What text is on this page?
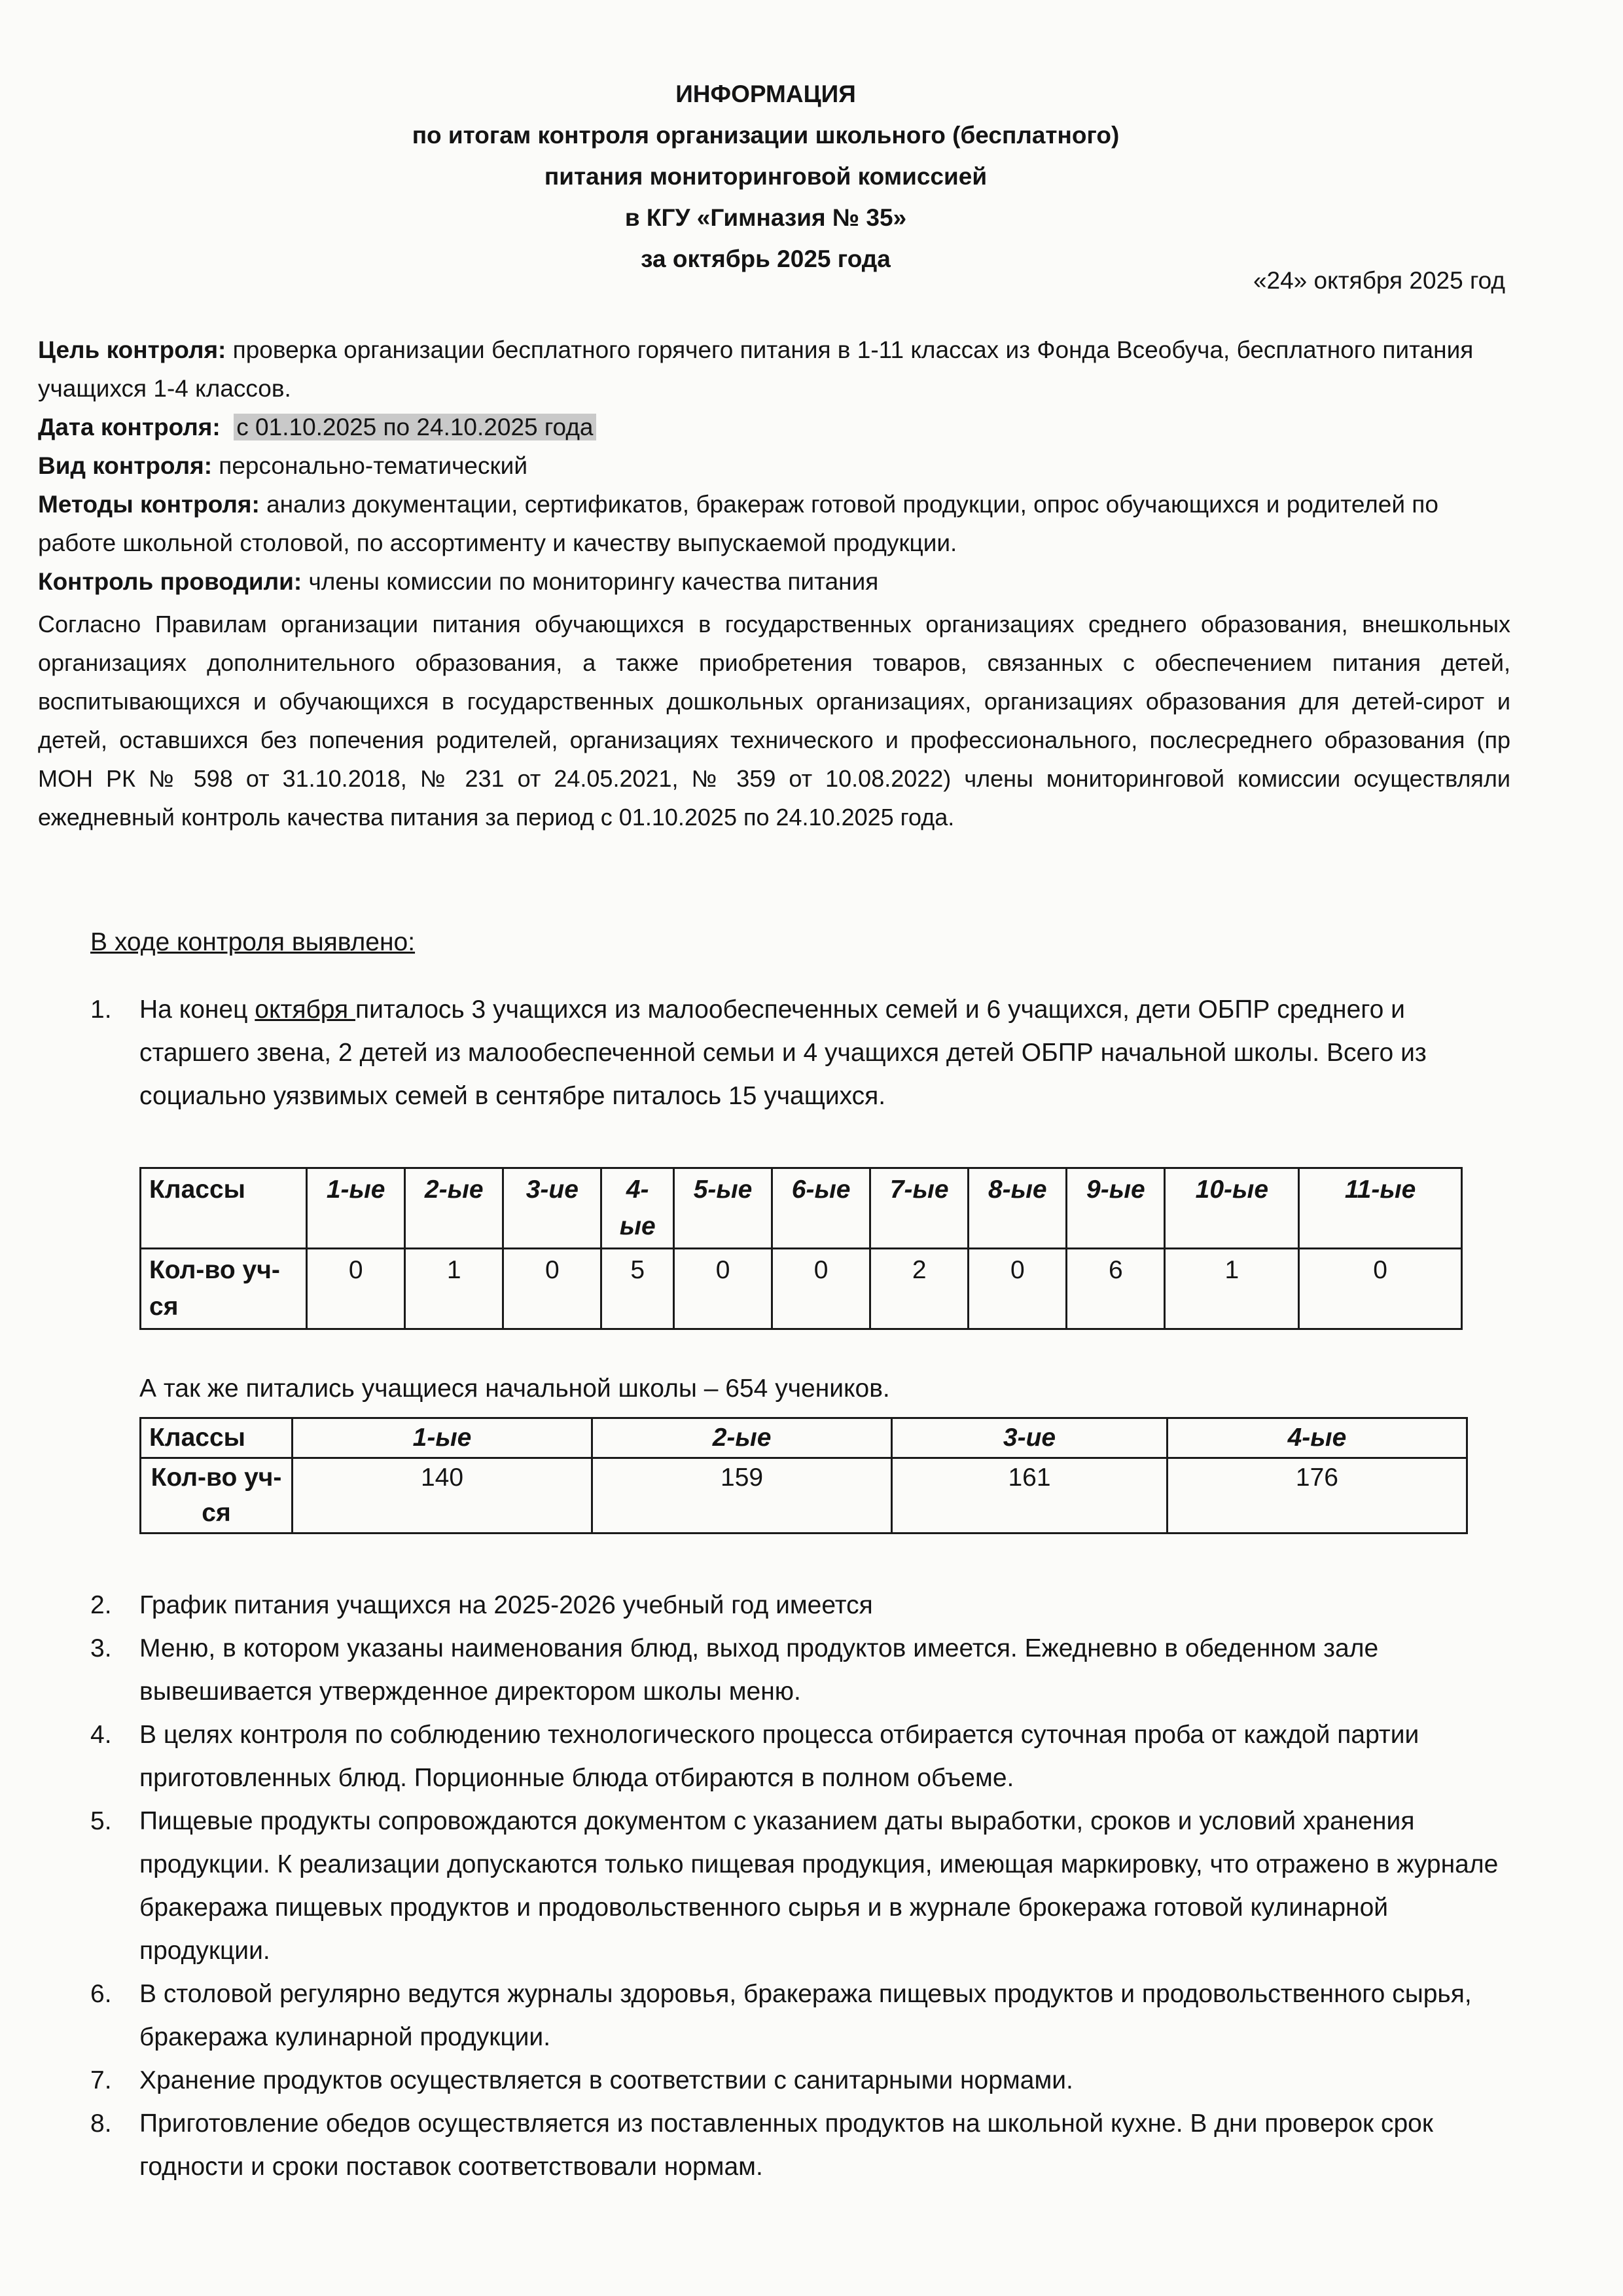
ИНФОРМАЦИЯ
по итогам контроля организации школьного (бесплатного)
питания мониторинговой комиссией
в КГУ «Гимназия № 35»
за октябрь 2025 года
«24» октября 2025 год

Цель контроля: проверка организации бесплатного горячего питания в 1-11 классах из Фонда Всеобуча, бесплатного питания учащихся 1-4 классов.

Дата контроля: с 01.10.2025 по 24.10.2025 года

Вид контроля: персонально-тематический

Методы контроля: анализ документации, сертификатов, бракераж готовой продукции, опрос обучающихся и родителей по работе школьной столовой, по ассортименту и качеству выпускаемой продукции.

Контроль проводили: члены комиссии по мониторингу качества питания

Согласно Правилам организации питания обучающихся в государственных организациях среднего образования, внешкольных организациях дополнительного образования, а также приобретения товаров, связанных с обеспечением питания детей, воспитывающихся и обучающихся в государственных дошкольных организациях, организациях образования для детей-сирот и детей, оставшихся без попечения родителей, организациях технического и профессионального, послесреднего образования (пр МОН РК № 598 от 31.10.2018, № 231 от 24.05.2021, № 359 от 10.08.2022) члены мониторинговой комиссии осуществляли ежедневный контроль качества питания за период с 01.10.2025 по 24.10.2025 года.
В ходе контроля выявлено:
1. На конец октября питалось 3 учащихся из малообеспеченных семей и 6 учащихся, дети ОБПР среднего и старшего звена, 2 детей из малообеспеченной семьи и 4 учащихся детей ОБПР начальной школы. Всего из социально уязвимых семей в сентябре питалось 15 учащихся.
Классы	1-ые	2-ые	3-ие	4-ые	5-ые	6-ые	7-ые	8-ые	9-ые	10-ые	11-ые
Кол-во уч-ся	0	1	0	5	0	0	2	0	6	1	0
А так же питались учащиеся начальной школы – 654 учеников.
Классы	1-ые	2-ые	3-ие	4-ые
Кол-во уч-ся	140	159	161	176
2. График питания учащихся на 2025-2026 учебный год имеется
3. Меню, в котором указаны наименования блюд, выход продуктов имеется. Ежедневно в обеденном зале вывешивается утвержденное директором школы меню.
4. В целях контроля по соблюдению технологического процесса отбирается суточная проба от каждой партии приготовленных блюд. Порционные блюда отбираются в полном объеме.
5. Пищевые продукты сопровождаются документом с указанием даты выработки, сроков и условий хранения продукции. К реализации допускаются только пищевая продукция, имеющая маркировку, что отражено в журнале бракеража пищевых продуктов и продовольственного сырья и в журнале брокеража готовой кулинарной продукции.
6. В столовой регулярно ведутся журналы здоровья, бракеража пищевых продуктов и продовольственного сырья, бракеража кулинарной продукции.
7. Хранение продуктов осуществляется в соответствии с санитарными нормами.
8. Приготовление обедов осуществляется из поставленных продуктов на школьной кухне. В дни проверок срок годности и сроки поставок соответствовали нормам.
